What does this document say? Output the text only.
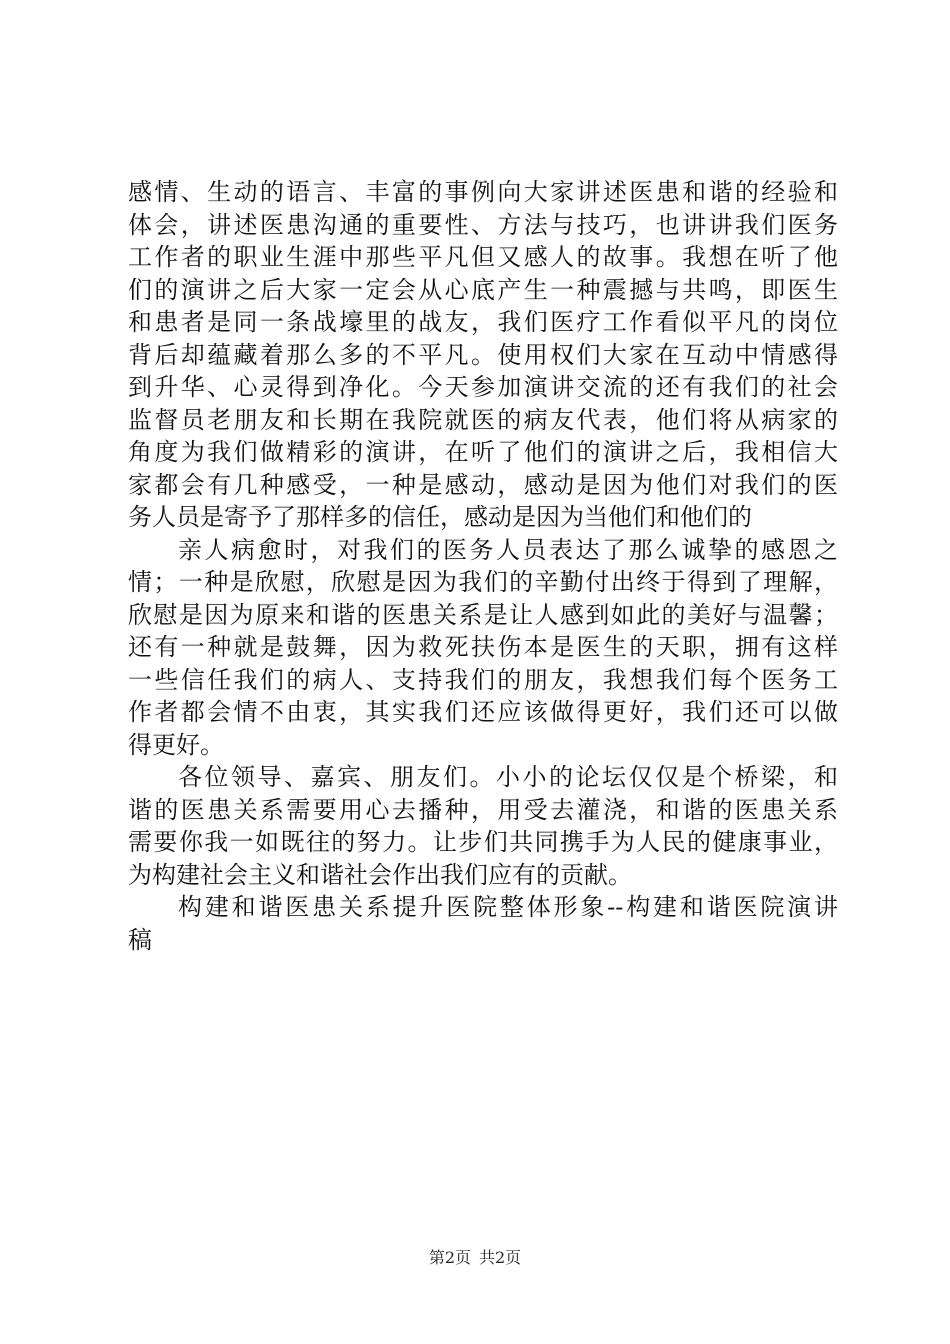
感情、生动的语言、丰富的事例向大家讲述医患和谐的经验和
体会，讲述医患沟通的重要性、方法与技巧，也讲讲我们医务
工作者的职业生涯中那些平凡但又感人的故事。我想在听了他
们的演讲之后大家一定会从心底产生一种震撼与共鸣，即医生
和患者是同一条战壕里的战友，我们医疗工作看似平凡的岗位
背后却蕴藏着那么多的不平凡。使用权们大家在互动中情感得
到升华、心灵得到净化。今天参加演讲交流的还有我们的社会
监督员老朋友和长期在我院就医的病友代表，他们将从病家的
角度为我们做精彩的演讲，在听了他们的演讲之后，我相信大
家都会有几种感受，一种是感动，感动是因为他们对我们的医
务人员是寄予了那样多的信任，感动是因为当他们和他们的
亲人病愈时，对我们的医务人员表达了那么诚挚的感恩之
情；一种是欣慰，欣慰是因为我们的辛勤付出终于得到了理解，
欣慰是因为原来和谐的医患关系是让人感到如此的美好与温馨；
还有一种就是鼓舞，因为救死扶伤本是医生的天职，拥有这样
一些信任我们的病人、支持我们的朋友，我想我们每个医务工
作者都会情不由衷，其实我们还应该做得更好，我们还可以做
得更好。
各位领导、嘉宾、朋友们。小小的论坛仅仅是个桥梁，和
谐的医患关系需要用心去播种，用受去灌浇，和谐的医患关系
需要你我一如既往的努力。让步们共同携手为人民的健康事业，
为构建社会主义和谐社会作出我们应有的贡献。
构建和谐医患关系提升医院整体形象--构建和谐医院演讲
稿
第2页 共2页
